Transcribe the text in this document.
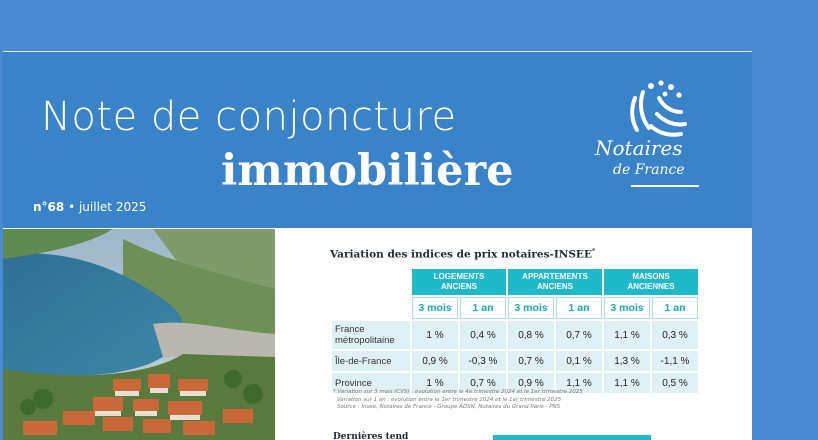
Note de conjoncture
immobilière
n°68 • juillet 2025
Notaires
de France
Variation des indices de prix notaires-INSEE*
	LOGEMENTS
ANCIENS		APPARTEMENTS
ANCIENS		MAISONS
ANCIENNES	
	3 mois	1 an	3 mois	1 an	3 mois	1 an
France
métropolitaine	1 %	0,4 %	0,8 %	0,7 %	1,1 %	0,3 %
Île-de-France	0,9 %	-0,3 %	0,7 %	0,1 %	1,3 %	-1,1 %
Province	1 %	0,7 %	0,9 %	1,1 %	1,1 %	0,5 %
* Variation sur 3 mois (CVS) : évolution entre le 4e trimestre 2024 et le 1er trimestre 2025
Variation sur 1 an : évolution entre le 1er trimestre 2024 et le 1er trimestre 2025
Source : Insee, Notaires de France - Groupe ADSN, Notaires du Grand Paris - PNS
Dernières tend
